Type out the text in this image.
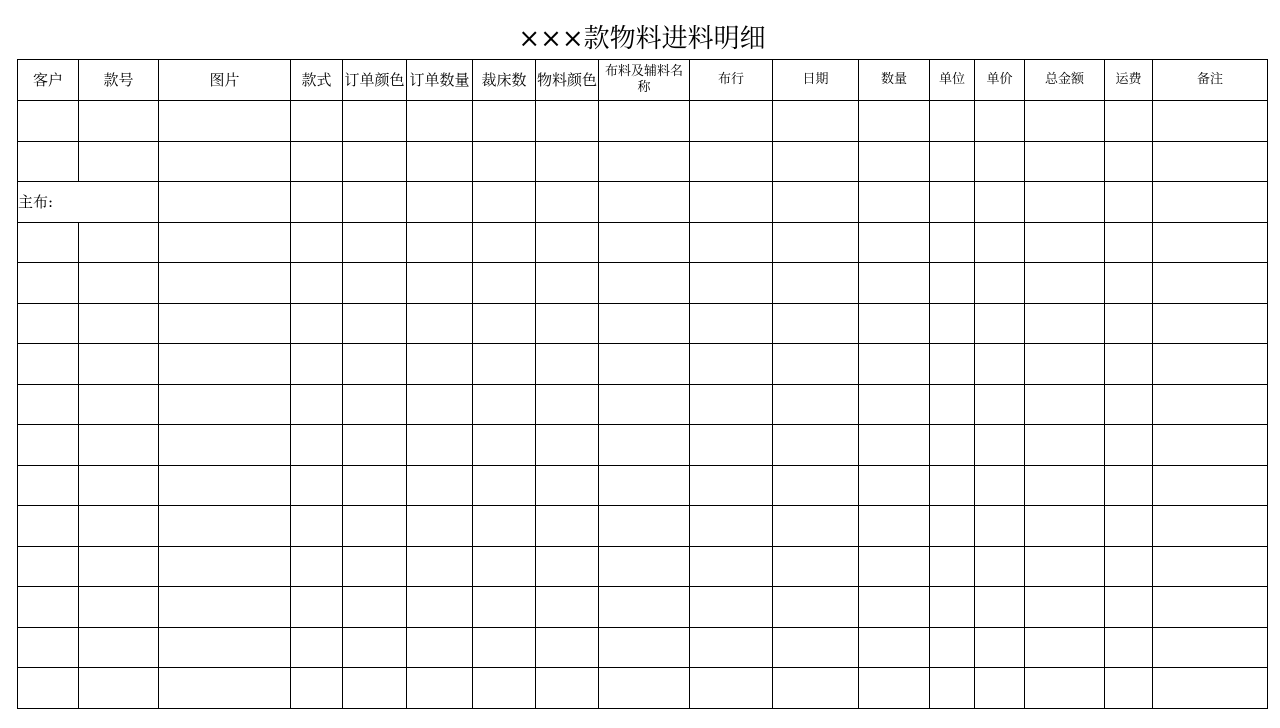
×××款物料进料明细
客户	款号	图片	款式	订单颜色	订单数量	裁床数	物料颜色	布料及辅料名称	布行	日期	数量	单位	单价	总金额	运费	备注

主布:																
